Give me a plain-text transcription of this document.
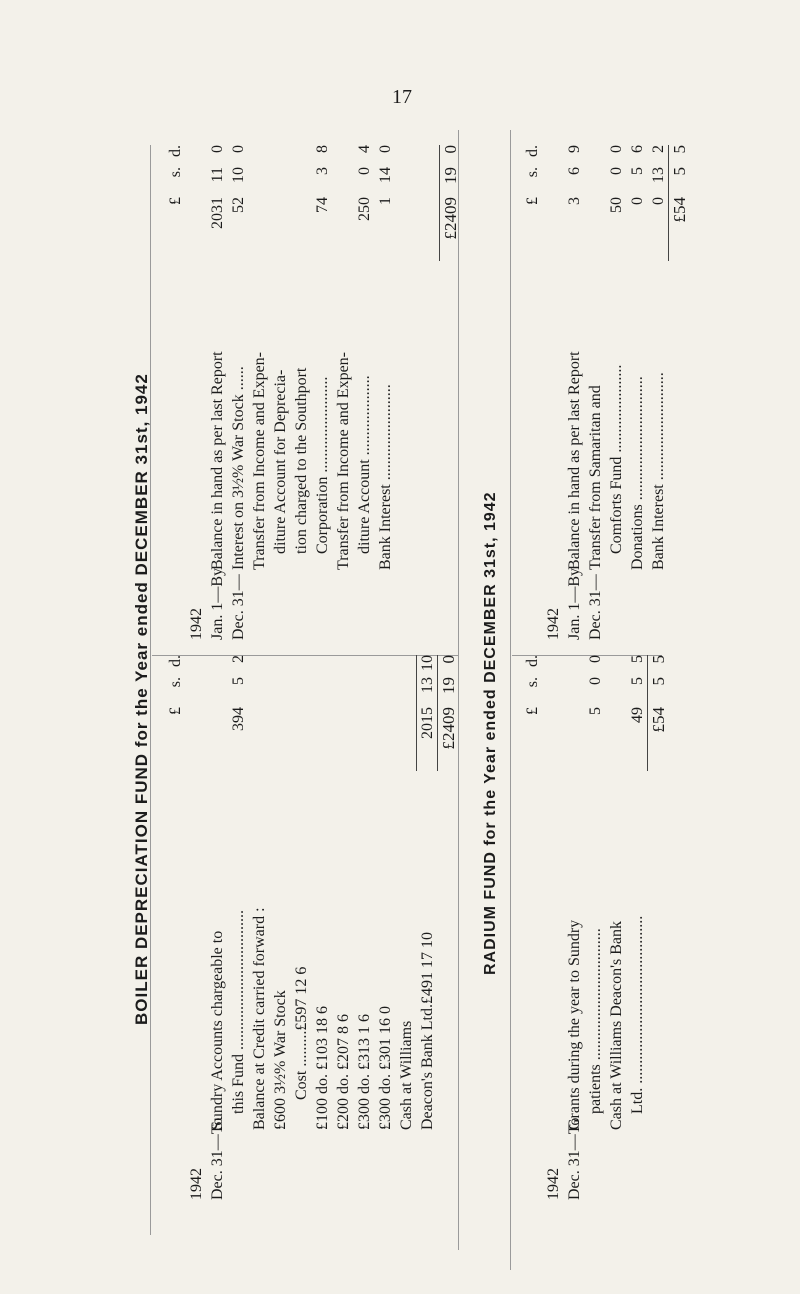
17
BOILER DEPRECIATION FUND for the Year ended DECEMBER 31st, 1942	RADIUM FUND for the Year ended DECEMBER 31st, 1942
£
s.
d.
1942 Dec. 31—To
Sundry Accounts chargeable to this Fund ...................................
394
5
2
Balance at Credit carried forward : £600 3½% War Stock Cost .........£597 12 6 £100 do. £103 18 6 £200 do. £207 8 6 £300 do. £313 1 6 £300 do. £301 16 0 Cash at Williams Deacon's Bank Ltd.£491 17 10
2015
13
10
£2409
19
0
£
s.
d.
1942 Jan. 1—By
Balance in hand as per last Report
2031
11
0
Dec. 31—
Interest on 3½% War Stock ......
52
10
0
Transfer from Income and Expen- diture Account for Deprecia- tion charged to the Southport Corporation ........................
74
3
8
Transfer from Income and Expen- diture Account ....................
250
0
4
Bank Interest ........................
1
14
0
£2409
19
0
£
s.
d.
1942 Dec. 31—To
Grants during the year to Sundry patients .................................
5
0
0
Cash at Williams Deacon's Bank Ltd. ..........................................
49
5
5
£54
5
5
£
s.
d.
1942 Jan. 1—By
Balance in hand as per last Report
3
6
9
Dec. 31—
Transfer from Samaritan and Comforts Fund ......................
50
0
0
Donations ...............................
0
5
6
Bank Interest ...........................
0
13
2
£54
5
5
